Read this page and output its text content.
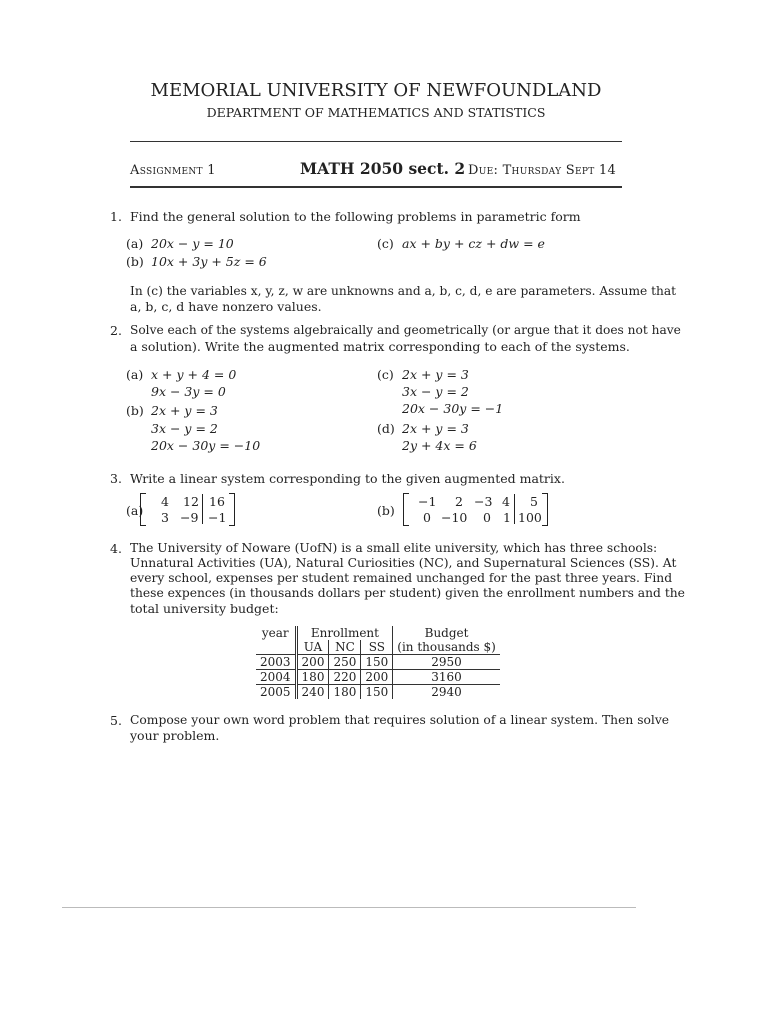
MEMORIAL UNIVERSITY OF NEWFOUNDLAND
DEPARTMENT OF MATHEMATICS AND STATISTICS
Assignment 1	MATH 2050 sect. 2 Due: Thursday Sept 14
1. Find the general solution to the following problems in parametric form
(a) 20x − y = 10
(b) 10x + 3y + 5z = 6
(c) ax + by + cz + dw = e
In (c) the variables x, y, z, w are unknowns and a, b, c, d, e are parameters. Assume that
a, b, c, d have nonzero values.
2. Solve each of the systems algebraically and geometrically (or argue that it does not have
a solution). Write the augmented matrix corresponding to each of the systems.
(a) x + y + 4 = 0
9x − 3y = 0
(b) 2x + y = 3
3x − y = 2
20x − 30y = −10
(c) 2x + y = 3
3x − y = 2
20x − 30y = −1
(d) 2x + y = 3
2y + 4x = 6
3. Write a linear system corresponding to the given augmented matrix.
(a)
4 12 16
3 −9 −1	(b)
−1 2 −3 4 5
0 −10 0 1 100
4. The University of Noware (UofN) is a small elite university, which has three schools:
Unnatural Activities (UA), Natural Curiosities (NC), and Supernatural Sciences (SS). At
every school, expenses per student remained unchanged for the past three years. Find
these expences (in thousands dollars per student) given the enrollment numbers and the
total university budget:
year	Enrollment			Budget
	UA	NC	SS	(in thousands $)
2003	200	250	150	2950
2004	180	220	200	3160
2005	240	180	150	2940
5. Compose your own word problem that requires solution of a linear system. Then solve
your problem.
